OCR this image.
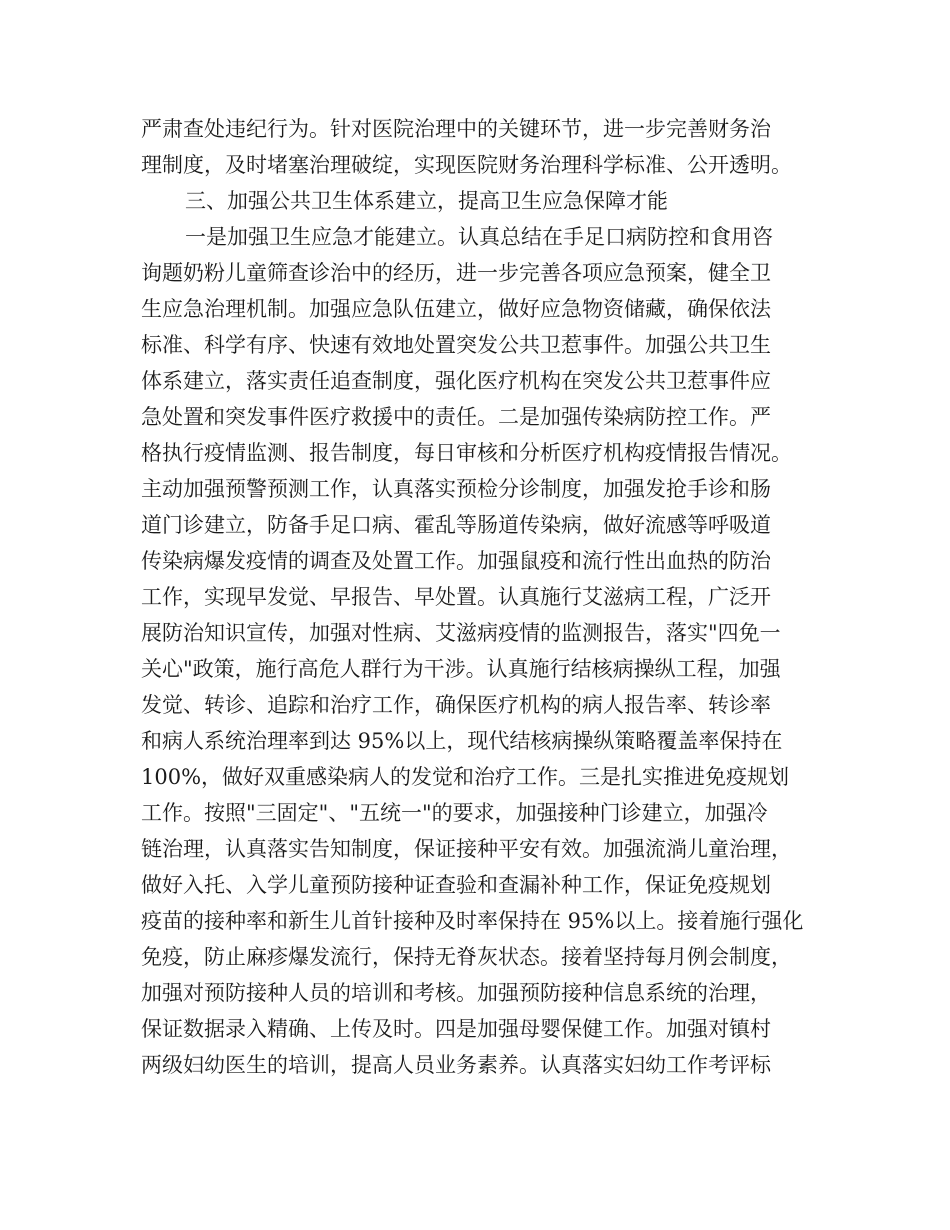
严肃查处违纪行为。针对医院治理中的关键环节，进一步完善财务治
理制度，及时堵塞治理破绽，实现医院财务治理科学标准、公开透明。
三、加强公共卫生体系建立，提高卫生应急保障才能
一是加强卫生应急才能建立。认真总结在手足口病防控和食用咨
询题奶粉儿童筛查诊治中的经历，进一步完善各项应急预案，健全卫
生应急治理机制。加强应急队伍建立，做好应急物资储藏，确保依法
标准、科学有序、快速有效地处置突发公共卫惹事件。加强公共卫生
体系建立，落实责任追查制度，强化医疗机构在突发公共卫惹事件应
急处置和突发事件医疗救援中的责任。二是加强传染病防控工作。严
格执行疫情监测、报告制度，每日审核和分析医疗机构疫情报告情况。
主动加强预警预测工作，认真落实预检分诊制度，加强发抢手诊和肠
道门诊建立，防备手足口病、霍乱等肠道传染病，做好流感等呼吸道
传染病爆发疫情的调查及处置工作。加强鼠疫和流行性出血热的防治
工作，实现早发觉、早报告、早处置。认真施行艾滋病工程，广泛开
展防治知识宣传，加强对性病、艾滋病疫情的监测报告，落实"四免一
关心"政策，施行高危人群行为干涉。认真施行结核病操纵工程，加强
发觉、转诊、追踪和治疗工作，确保医疗机构的病人报告率、转诊率
和病人系统治理率到达 95%以上，现代结核病操纵策略覆盖率保持在
100%，做好双重感染病人的发觉和治疗工作。三是扎实推进免疫规划
工作。按照"三固定"、"五统一"的要求，加强接种门诊建立，加强冷
链治理，认真落实告知制度，保证接种平安有效。加强流淌儿童治理，
做好入托、入学儿童预防接种证查验和查漏补种工作，保证免疫规划
疫苗的接种率和新生儿首针接种及时率保持在 95%以上。接着施行强化
免疫，防止麻疹爆发流行，保持无脊灰状态。接着坚持每月例会制度，
加强对预防接种人员的培训和考核。加强预防接种信息系统的治理，
保证数据录入精确、上传及时。四是加强母婴保健工作。加强对镇村
两级妇幼医生的培训，提高人员业务素养。认真落实妇幼工作考评标
